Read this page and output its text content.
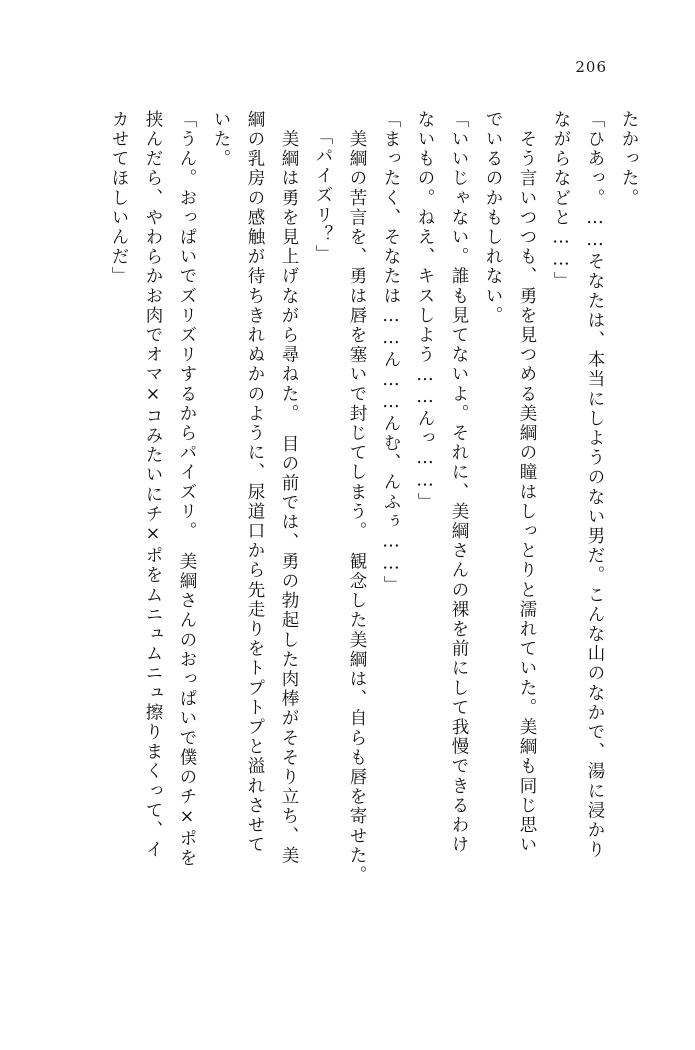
206
たかった。
「ひあっ。……そなたは、本当にしようのない男だ。こんな山のなかで、湯に浸かり
ながらなどと……」
　そう言いつつも、勇を見つめる美綱の瞳はしっとりと濡れていた。美綱も同じ思い
でいるのかもしれない。
「いいじゃない。誰も見てないよ。それに、美綱さんの裸を前にして我慢できるわけ
ないもの。ねえ、キスしよう……んっ……」
「まったく、そなたは……ん……んむ、んふぅ……」
　美綱の苦言を、勇は唇を塞いで封じてしまう。　観念した美綱は、自らも唇を寄せた。
「パイズリ？」
　美綱は勇を見上げながら尋ねた。　目の前では、勇の勃起した肉棒がそそり立ち、美
綱の乳房の感触が待ちきれぬかのように、尿道口から先走りをトプトプと溢れさせて
いた。
「うん。おっぱいでズリズリするからパイズリ。　美綱さんのおっぱいで僕のチ×ポを
挟んだら、やわらかお肉でオマ×コみたいにチ×ポをムニュムニュ擦りまくって、イ
カせてほしいんだ」
